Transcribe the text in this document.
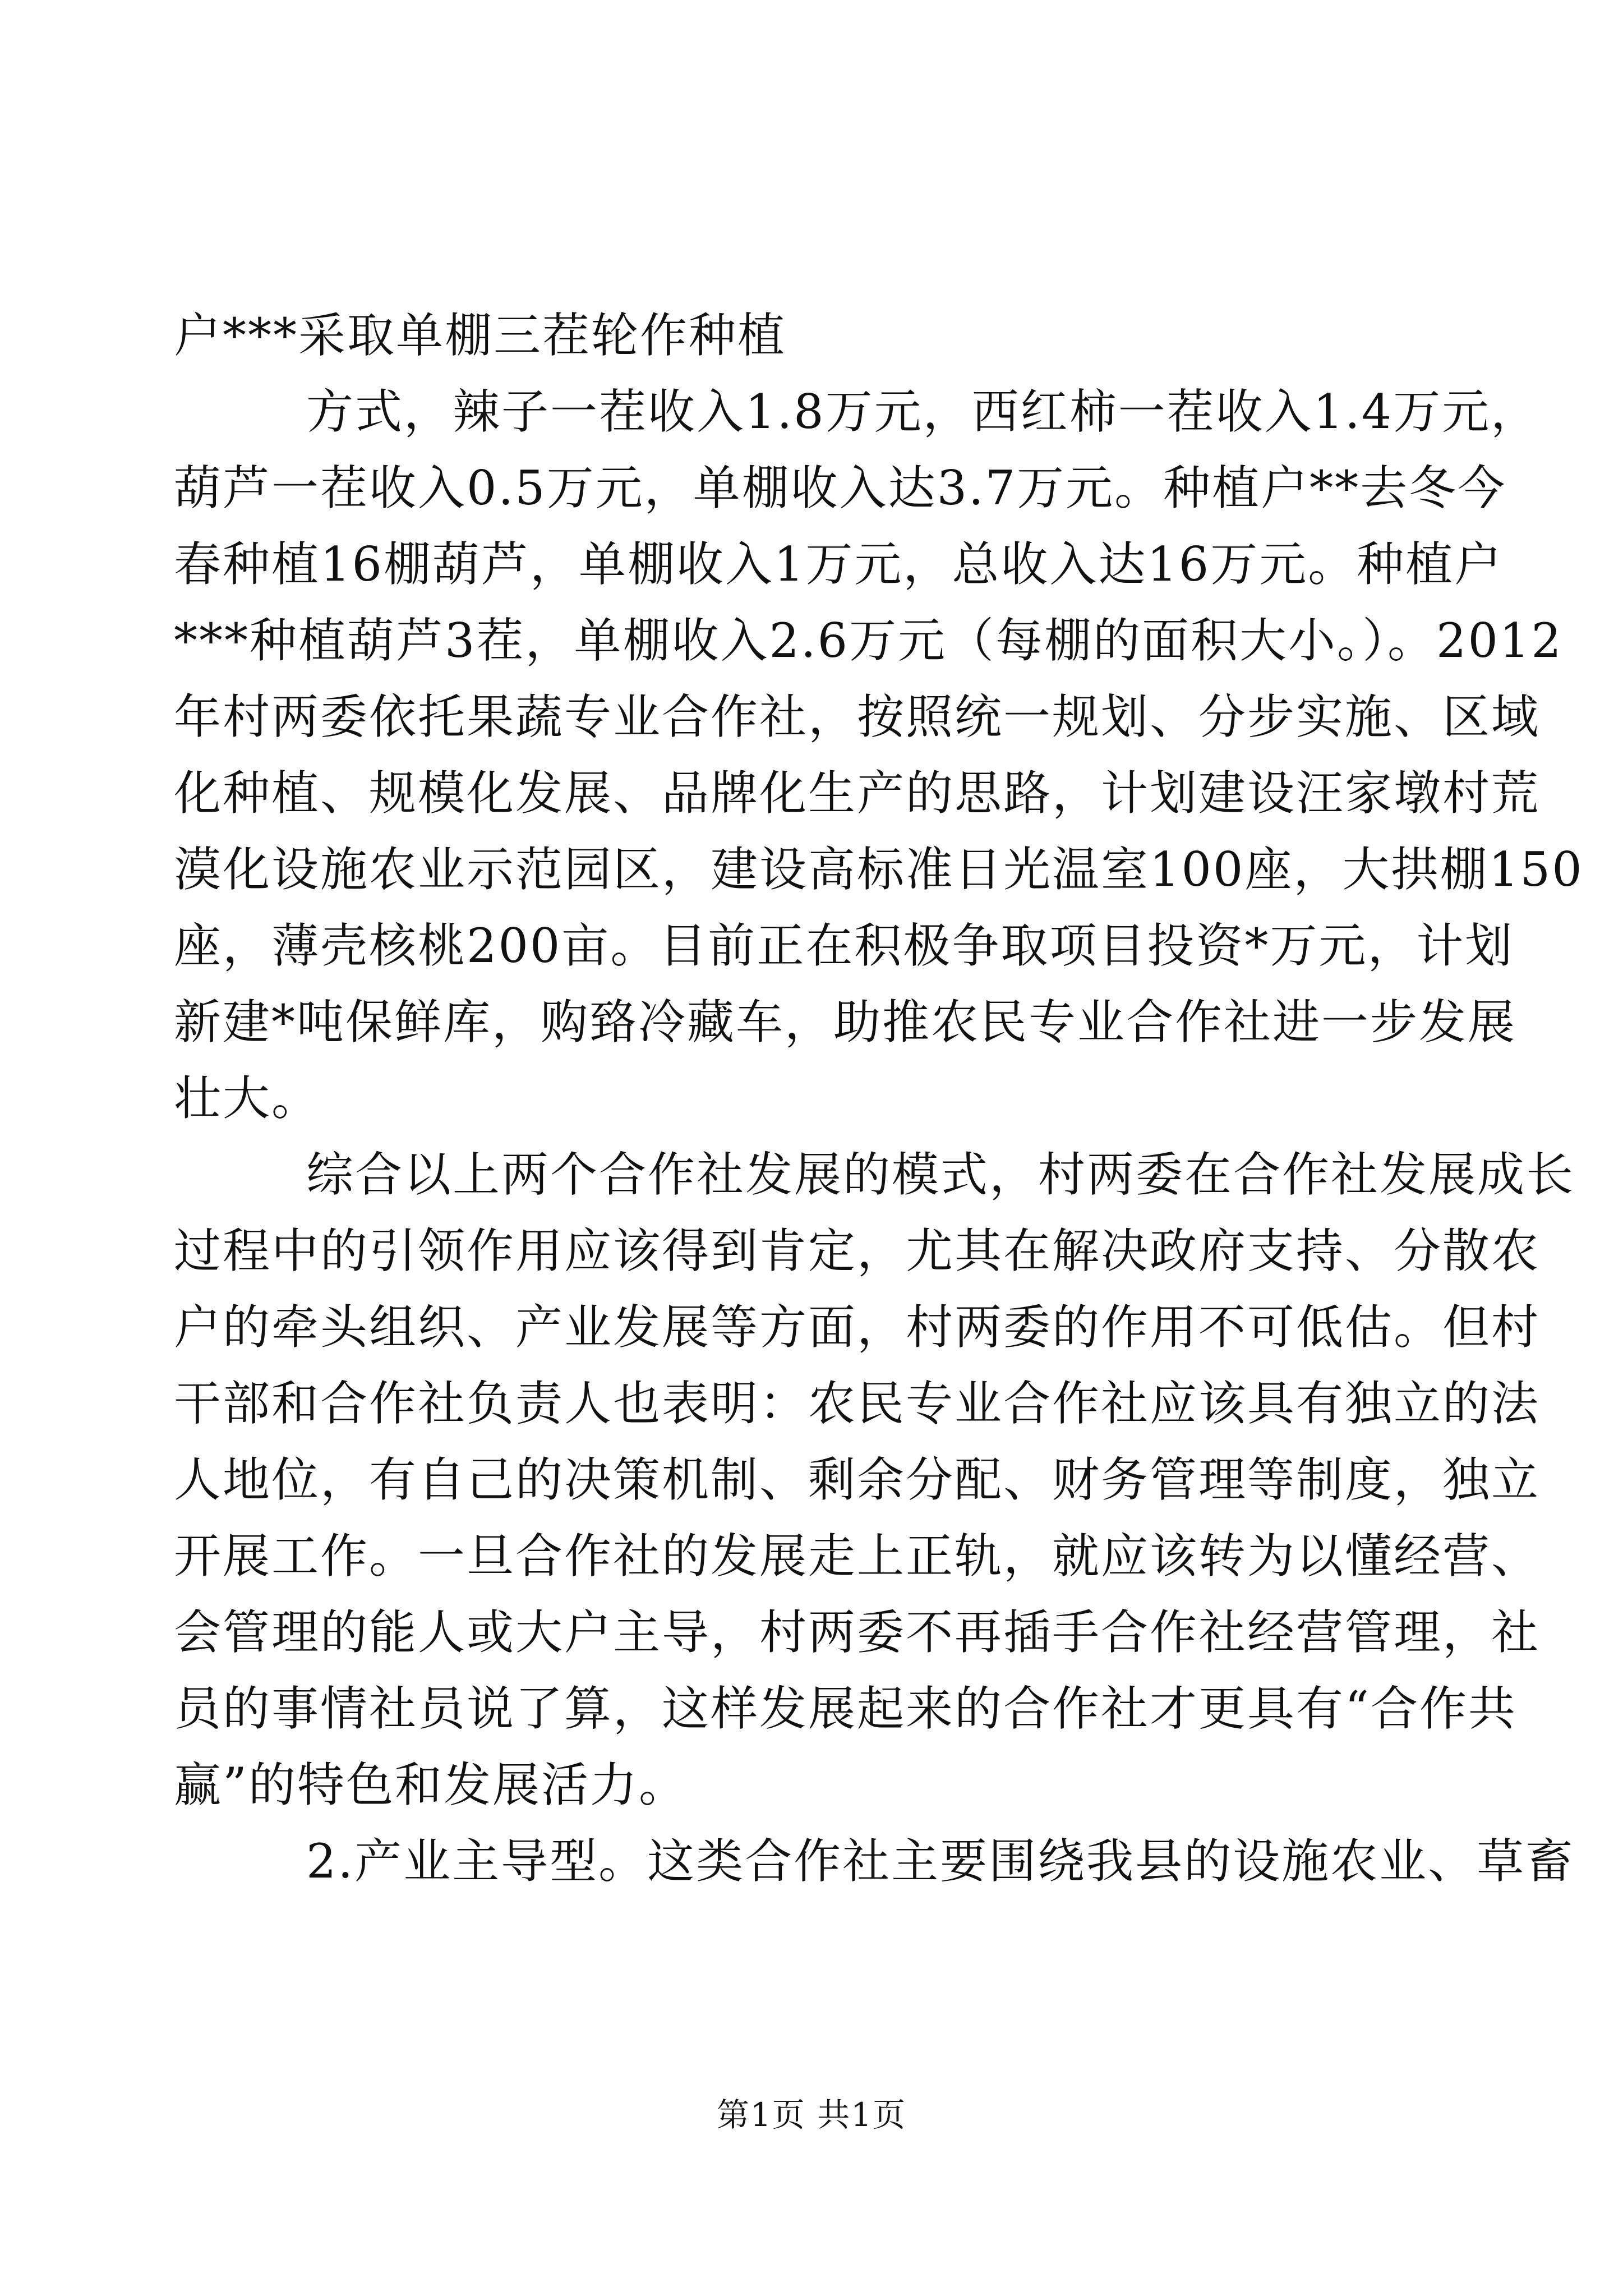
户***采取单棚三茬轮作种植
方式，辣子一茬收入1.8万元，西红柿一茬收入1.4万元，
葫芦一茬收入0.5万元，单棚收入达3.7万元。种植户**去冬今
春种植16棚葫芦，单棚收入1万元，总收入达16万元。种植户
***种植葫芦3茬，单棚收入2.6万元（每棚的面积大小。）。2012
年村两委依托果蔬专业合作社，按照统一规划、分步实施、区域
化种植、规模化发展、品牌化生产的思路，计划建设汪家墩村荒
漠化设施农业示范园区，建设高标准日光温室100座，大拱棚150
座，薄壳核桃200亩。目前正在积极争取项目投资*万元，计划
新建*吨保鲜库，购臵冷藏车，助推农民专业合作社进一步发展
壮大。
综合以上两个合作社发展的模式，村两委在合作社发展成长
过程中的引领作用应该得到肯定，尤其在解决政府支持、分散农
户的牵头组织、产业发展等方面，村两委的作用不可低估。但村
干部和合作社负责人也表明：农民专业合作社应该具有独立的法
人地位，有自己的决策机制、剩余分配、财务管理等制度，独立
开展工作。一旦合作社的发展走上正轨，就应该转为以懂经营、
会管理的能人或大户主导，村两委不再插手合作社经营管理，社
员的事情社员说了算，这样发展起来的合作社才更具有“合作共
赢”的特色和发展活力。
2.产业主导型。这类合作社主要围绕我县的设施农业、草畜
第1页 共1页
